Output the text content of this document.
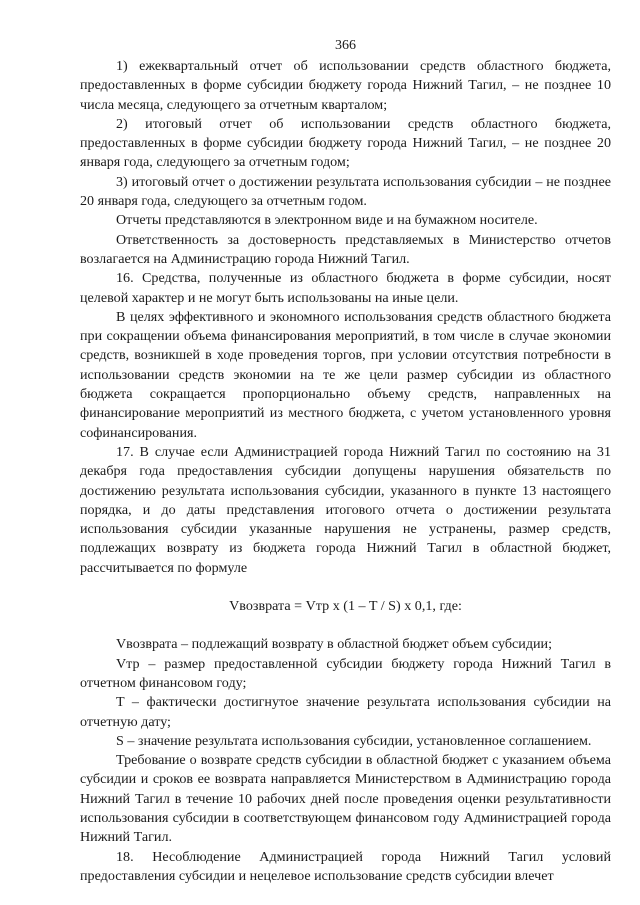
366

1) ежеквартальный отчет об использовании средств областного бюджета, предоставленных в форме субсидии бюджету города Нижний Тагил, – не позднее 10 числа месяца, следующего за отчетным кварталом;

2) итоговый отчет об использовании средств областного бюджета, предоставленных в форме субсидии бюджету города Нижний Тагил, – не позднее 20 января года, следующего за отчетным годом;

3) итоговый отчет о достижении результата использования субсидии – не позднее 20 января года, следующего за отчетным годом.

Отчеты представляются в электронном виде и на бумажном носителе.

Ответственность за достоверность представляемых в Министерство отчетов возлагается на Администрацию города Нижний Тагил.

16. Средства, полученные из областного бюджета в форме субсидии, носят целевой характер и не могут быть использованы на иные цели.

В целях эффективного и экономного использования средств областного бюджета при сокращении объема финансирования мероприятий, в том числе в случае экономии средств, возникшей в ходе проведения торгов, при условии отсутствия потребности в использовании средств экономии на те же цели размер субсидии из областного бюджета сокращается пропорционально объему средств, направленных на финансирование мероприятий из местного бюджета, с учетом установленного уровня софинансирования.

17. В случае если Администрацией города Нижний Тагил по состоянию на 31 декабря года предоставления субсидии допущены нарушения обязательств по достижению результата использования субсидии, указанного в пункте 13 настоящего порядка, и до даты представления итогового отчета о достижении результата использования субсидии указанные нарушения не устранены, размер средств, подлежащих возврату из бюджета города Нижний Тагил в областной бюджет, рассчитывается по формуле

Vвозврата = Vтр x (1 – T / S) x 0,1, где:

Vвозврата – подлежащий возврату в областной бюджет объем субсидии;

Vтр – размер предоставленной субсидии бюджету города Нижний Тагил в отчетном финансовом году;

T – фактически достигнутое значение результата использования субсидии на отчетную дату;

S – значение результата использования субсидии, установленное соглашением.

Требование о возврате средств субсидии в областной бюджет с указанием объема субсидии и сроков ее возврата направляется Министерством в Администрацию города Нижний Тагил в течение 10 рабочих дней после проведения оценки результативности использования субсидии в соответствующем финансовом году Администрацией города Нижний Тагил.

18. Несоблюдение Администрацией города Нижний Тагил условий предоставления субсидии и нецелевое использование средств субсидии влечет
